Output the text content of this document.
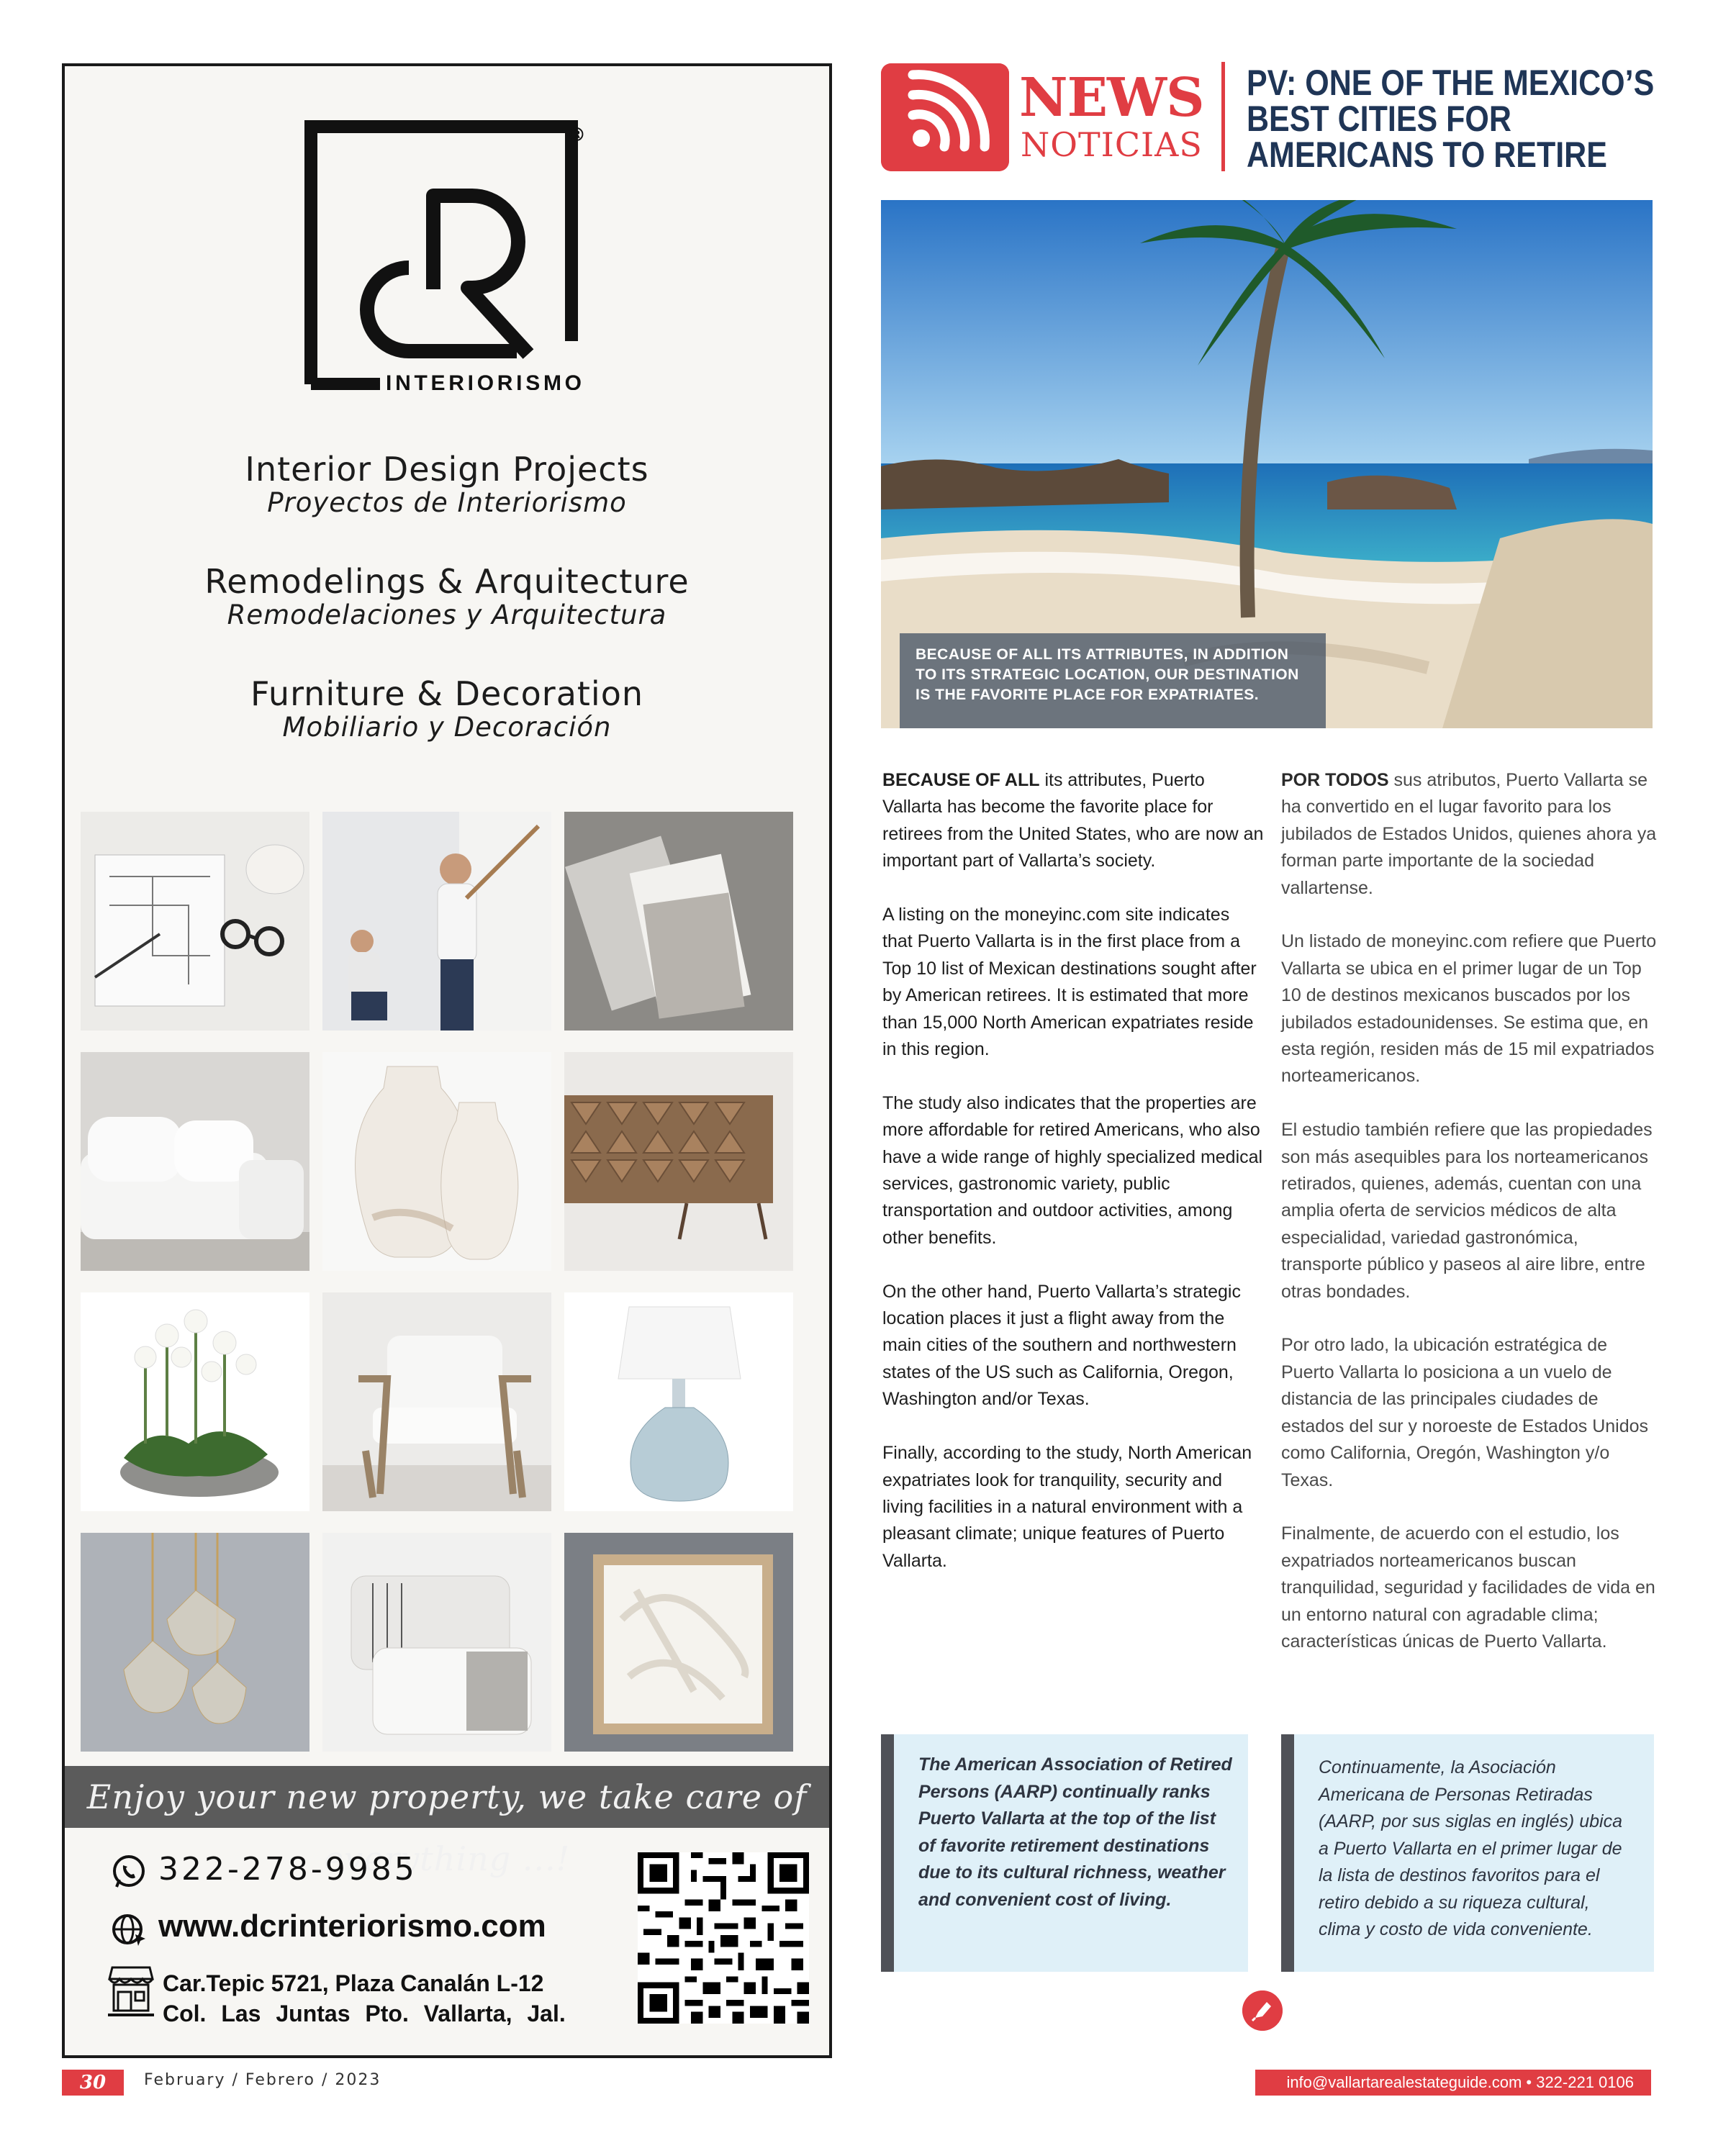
®
INTERIORISMO
Interior Design Projects
Proyectos de Interiorismo
Remodelings & Arquitecture
Remodelaciones y Arquitectura
Furniture & Decoration
Mobiliario y Decoración
Enjoy your new property, we take care of everything ...!
322-278-9985
www.dcrinteriorismo.com
Car.Tepic 5721, Plaza Canalán L-12
Col. Las Juntas Pto. Vallarta, Jal.
30	February / Febrero / 2023	info@vallartarealestateguide.com • 322-221 0106
NEWS
NOTICIAS
PV: ONE OF THE MEXICO’S
BEST CITIES FOR
AMERICANS TO RETIRE
BECAUSE OF ALL ITS ATTRIBUTES, IN ADDITION TO ITS STRATEGIC LOCATION, OUR DESTINATION IS THE FAVORITE PLACE FOR EXPATRIATES.

BECAUSE OF ALL its attributes, Puerto Vallarta has become the favorite place for retirees from the United States, who are now an important part of Vallarta’s society.

A listing on the moneyinc.com site indicates that Puerto Vallarta is in the first place from a Top 10 list of Mexican destinations sought after by American retirees. It is estimated that more than 15,000 North American expatriates reside in this region.

The study also indicates that the properties are more affordable for retired Americans, who also have a wide range of highly specialized medical services, gastronomic variety, public transportation and outdoor activities, among other benefits.

On the other hand, Puerto Vallarta’s strategic location places it just a flight away from the main cities of the southern and northwestern states of the US such as California, Oregon, Washington and/or Texas.

Finally, according to the study, North American expatriates look for tranquility, security and living facilities in a natural environment with a pleasant climate; unique features of Puerto Vallarta.

POR TODOS sus atributos, Puerto Vallarta se ha convertido en el lugar favorito para los jubilados de Estados Unidos, quienes ahora ya forman parte importante de la sociedad vallartense.

Un listado de moneyinc.com refiere que Puerto Vallarta se ubica en el primer lugar de un Top 10 de destinos mexicanos buscados por los jubilados estadounidenses. Se estima que, en esta región, residen más de 15 mil expatriados norteamericanos.

El estudio también refiere que las propiedades son más asequibles para los norteamericanos retirados, quienes, además, cuentan con una amplia oferta de servicios médicos de alta especialidad, variedad gastronómica, transporte público y paseos al aire libre, entre otras bondades.

Por otro lado, la ubicación estratégica de Puerto Vallarta lo posiciona a un vuelo de distancia de las principales ciudades de estados del sur y noroeste de Estados Unidos como California, Oregón, Washington y/o Texas.

Finalmente, de acuerdo con el estudio, los expatriados norteamericanos buscan tranquilidad, seguridad y facilidades de vida en un entorno natural con agradable clima; características únicas de Puerto Vallarta.

The American Association of Retired Persons (AARP) continually ranks Puerto Vallarta at the top of the list of favorite retirement destinations due to its cultural richness, weather and convenient cost of living.
Continuamente, la Asociación Americana de Personas Retiradas (AARP, por sus siglas en inglés) ubica a Puerto Vallarta en el primer lugar de la lista de destinos favoritos para el retiro debido a su riqueza cultural, clima y costo de vida conveniente.
